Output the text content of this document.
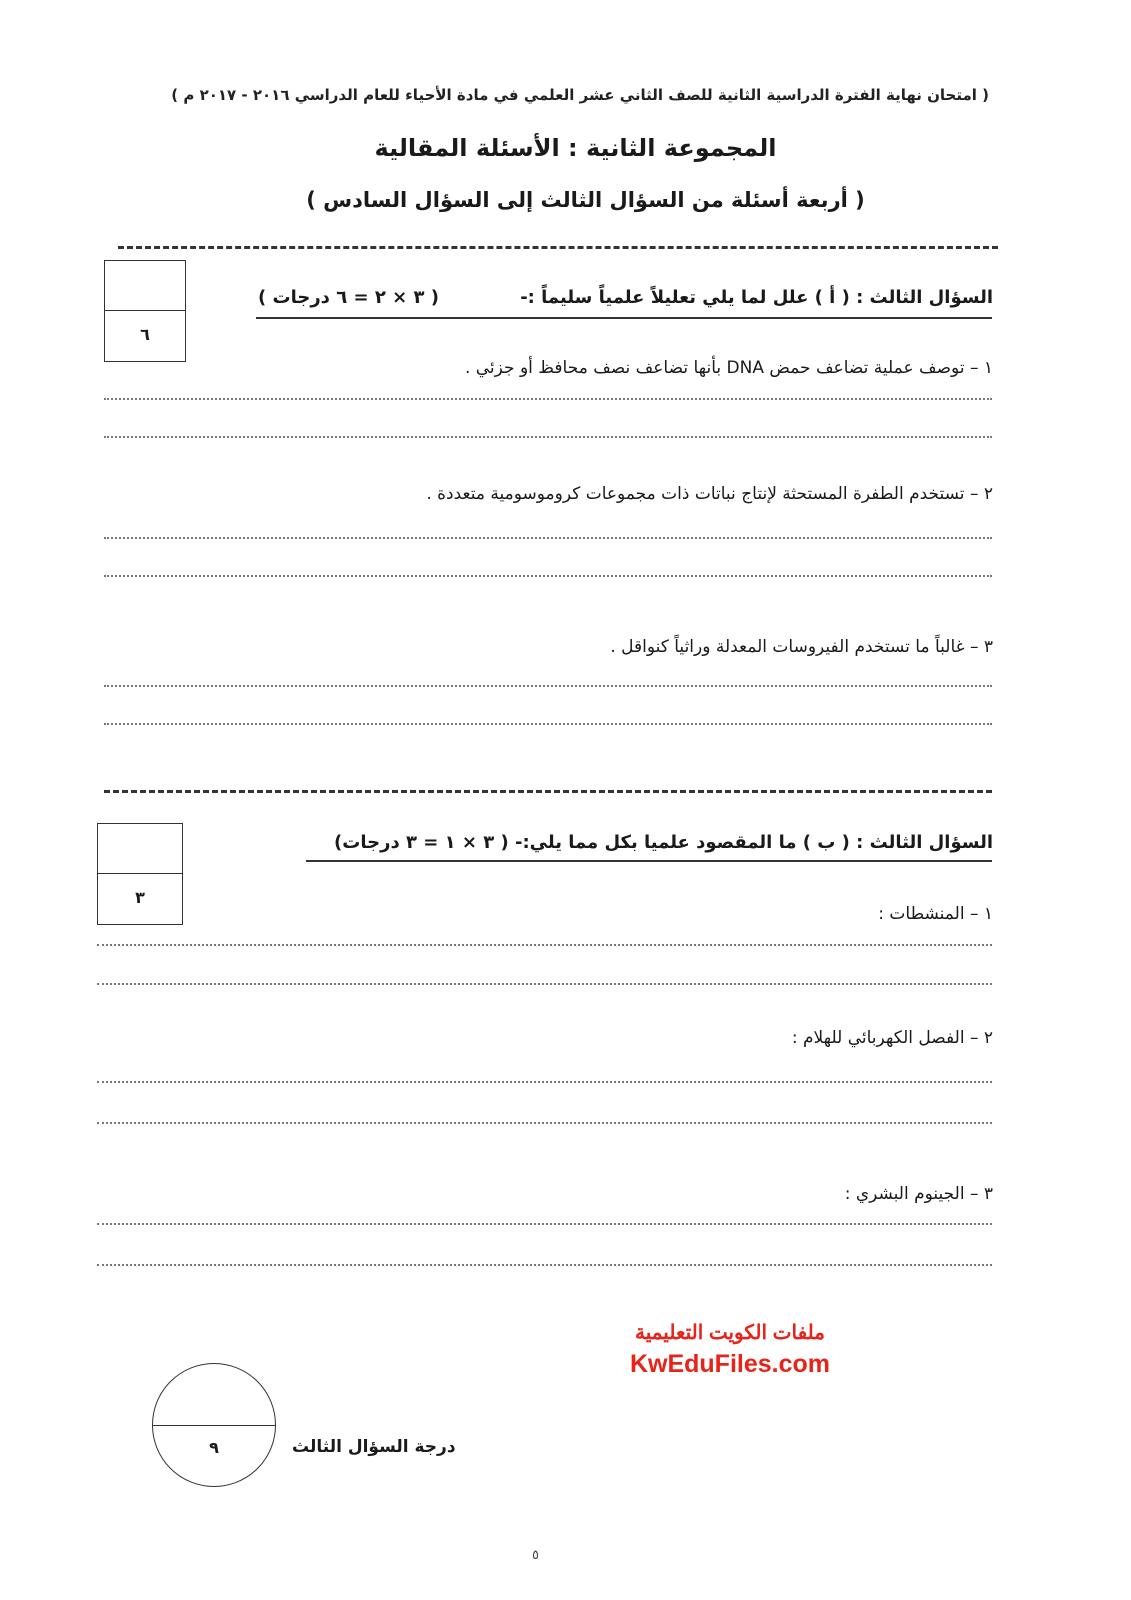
( امتحان نهاية الفترة الدراسية الثانية للصف الثاني عشر العلمي في مادة الأحياء للعام الدراسي ٢٠١٦ - ٢٠١٧ م )
المجموعة الثانية : الأسئلة المقالية
( أربعة أسئلة من السؤال الثالث إلى السؤال السادس )
٦
السؤال الثالث : ( أ ) علل لما يلي تعليلاً علمياً سليماً :-
( ٣ × ٢ = ٦ درجات )
١ – توصف عملية تضاعف حمض DNA بأنها تضاعف نصف محافظ أو جزئي .
٢ – تستخدم الطفرة المستحثة لإنتاج نباتات ذات مجموعات كروموسومية متعددة .
٣ – غالباً ما تستخدم الفيروسات المعدلة وراثياً كنواقل .
٣
السؤال الثالث : ( ب ) ما المقصود علميا بكل مما يلي:- ( ٣ × ١ = ٣ درجات)
١ – المنشطات :
٢ – الفصل الكهربائي للهلام :
٣ – الجينوم البشري :
ملفات الكويت التعليمية
KwEduFiles.com
٩	درجة السؤال الثالث
٥
